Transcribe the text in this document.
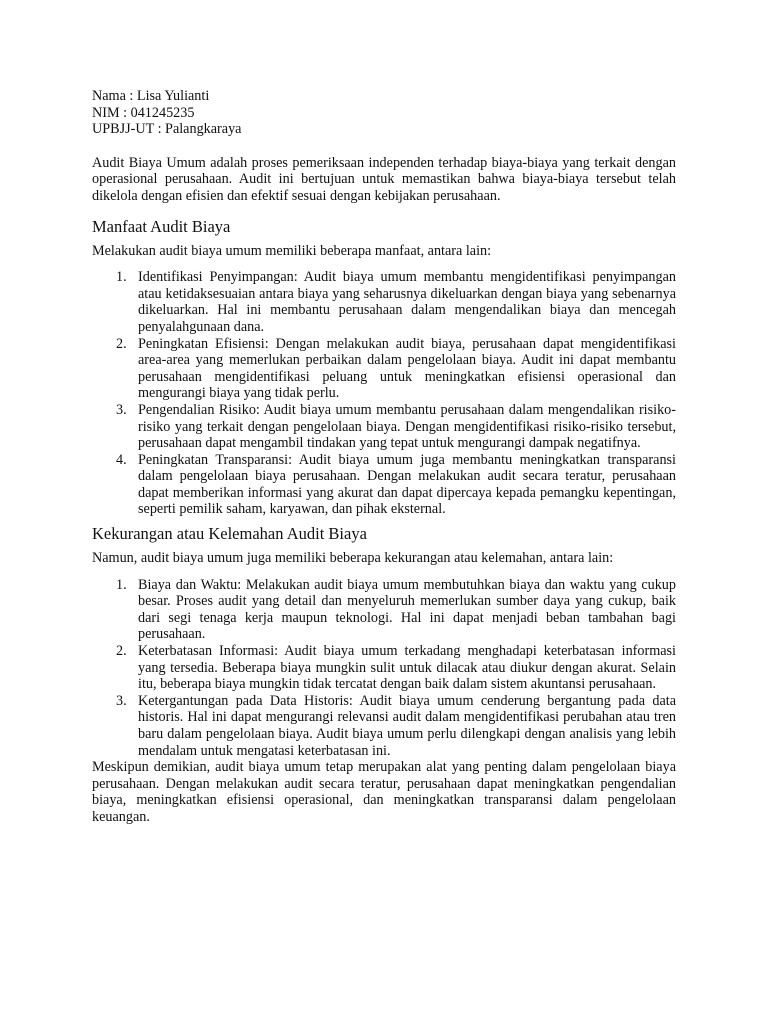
Nama : Lisa Yulianti

NIM : 041245235

UPBJJ-UT : Palangkaraya

Audit Biaya Umum adalah proses pemeriksaan independen terhadap biaya-biaya yang terkait dengan operasional perusahaan. Audit ini bertujuan untuk memastikan bahwa biaya-biaya tersebut telah dikelola dengan efisien dan efektif sesuai dengan kebijakan perusahaan.

Manfaat Audit Biaya

Melakukan audit biaya umum memiliki beberapa manfaat, antara lain:

1. Identifikasi Penyimpangan: Audit biaya umum membantu mengidentifikasi penyimpangan atau ketidaksesuaian antara biaya yang seharusnya dikeluarkan dengan biaya yang sebenarnya dikeluarkan. Hal ini membantu perusahaan dalam mengendalikan biaya dan mencegah penyalahgunaan dana.
2. Peningkatan Efisiensi: Dengan melakukan audit biaya, perusahaan dapat mengidentifikasi area-area yang memerlukan perbaikan dalam pengelolaan biaya. Audit ini dapat membantu perusahaan mengidentifikasi peluang untuk meningkatkan efisiensi operasional dan mengurangi biaya yang tidak perlu.
3. Pengendalian Risiko: Audit biaya umum membantu perusahaan dalam mengendalikan risiko-risiko yang terkait dengan pengelolaan biaya. Dengan mengidentifikasi risiko-risiko tersebut, perusahaan dapat mengambil tindakan yang tepat untuk mengurangi dampak negatifnya.
4. Peningkatan Transparansi: Audit biaya umum juga membantu meningkatkan transparansi dalam pengelolaan biaya perusahaan. Dengan melakukan audit secara teratur, perusahaan dapat memberikan informasi yang akurat dan dapat dipercaya kepada pemangku kepentingan, seperti pemilik saham, karyawan, dan pihak eksternal.
Kekurangan atau Kelemahan Audit Biaya

Namun, audit biaya umum juga memiliki beberapa kekurangan atau kelemahan, antara lain:

1. Biaya dan Waktu: Melakukan audit biaya umum membutuhkan biaya dan waktu yang cukup besar. Proses audit yang detail dan menyeluruh memerlukan sumber daya yang cukup, baik dari segi tenaga kerja maupun teknologi. Hal ini dapat menjadi beban tambahan bagi perusahaan.
2. Keterbatasan Informasi: Audit biaya umum terkadang menghadapi keterbatasan informasi yang tersedia. Beberapa biaya mungkin sulit untuk dilacak atau diukur dengan akurat. Selain itu, beberapa biaya mungkin tidak tercatat dengan baik dalam sistem akuntansi perusahaan.
3. Ketergantungan pada Data Historis: Audit biaya umum cenderung bergantung pada data historis. Hal ini dapat mengurangi relevansi audit dalam mengidentifikasi perubahan atau tren baru dalam pengelolaan biaya. Audit biaya umum perlu dilengkapi dengan analisis yang lebih mendalam untuk mengatasi keterbatasan ini.

Meskipun demikian, audit biaya umum tetap merupakan alat yang penting dalam pengelolaan biaya perusahaan. Dengan melakukan audit secara teratur, perusahaan dapat meningkatkan pengendalian biaya, meningkatkan efisiensi operasional, dan meningkatkan transparansi dalam pengelolaan keuangan.
